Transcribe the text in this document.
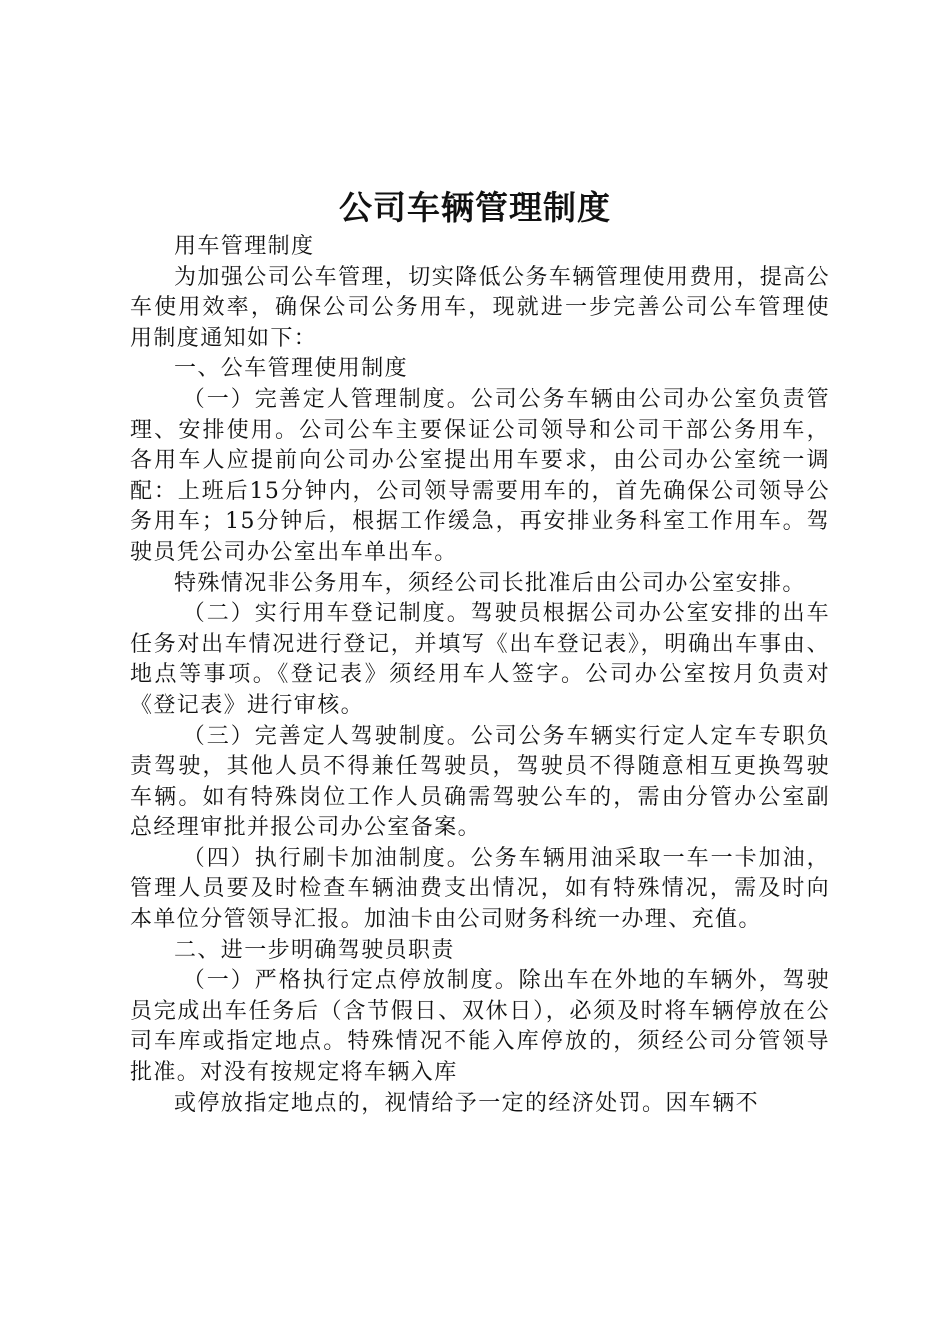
公司车辆管理制度

用车管理制度

为加强公司公车管理，切实降低公务车辆管理使用费用，提高公车使用效率，确保公司公务用车，现就进一步完善公司公车管理使用制度通知如下：

一、公车管理使用制度

（一）完善定人管理制度。公司公务车辆由公司办公室负责管理、安排使用。公司公车主要保证公司领导和公司干部公务用车，各用车人应提前向公司办公室提出用车要求，由公司办公室统一调配：上班后15分钟内，公司领导需要用车的，首先确保公司领导公务用车；15分钟后，根据工作缓急，再安排业务科室工作用车。驾驶员凭公司办公室出车单出车。

特殊情况非公务用车，须经公司长批准后由公司办公室安排。

（二）实行用车登记制度。驾驶员根据公司办公室安排的出车任务对出车情况进行登记，并填写《出车登记表》，明确出车事由、地点等事项。《登记表》须经用车人签字。公司办公室按月负责对《登记表》进行审核。

（三）完善定人驾驶制度。公司公务车辆实行定人定车专职负责驾驶，其他人员不得兼任驾驶员，驾驶员不得随意相互更换驾驶车辆。如有特殊岗位工作人员确需驾驶公车的，需由分管办公室副总经理审批并报公司办公室备案。

（四）执行刷卡加油制度。公务车辆用油采取一车一卡加油，管理人员要及时检查车辆油费支出情况，如有特殊情况，需及时向本单位分管领导汇报。加油卡由公司财务科统一办理、充值。

二、进一步明确驾驶员职责

（一）严格执行定点停放制度。除出车在外地的车辆外，驾驶员完成出车任务后（含节假日、双休日），必须及时将车辆停放在公司车库或指定地点。特殊情况不能入库停放的，须经公司分管领导批准。对没有按规定将车辆入库

或停放指定地点的，视情给予一定的经济处罚。因车辆不
